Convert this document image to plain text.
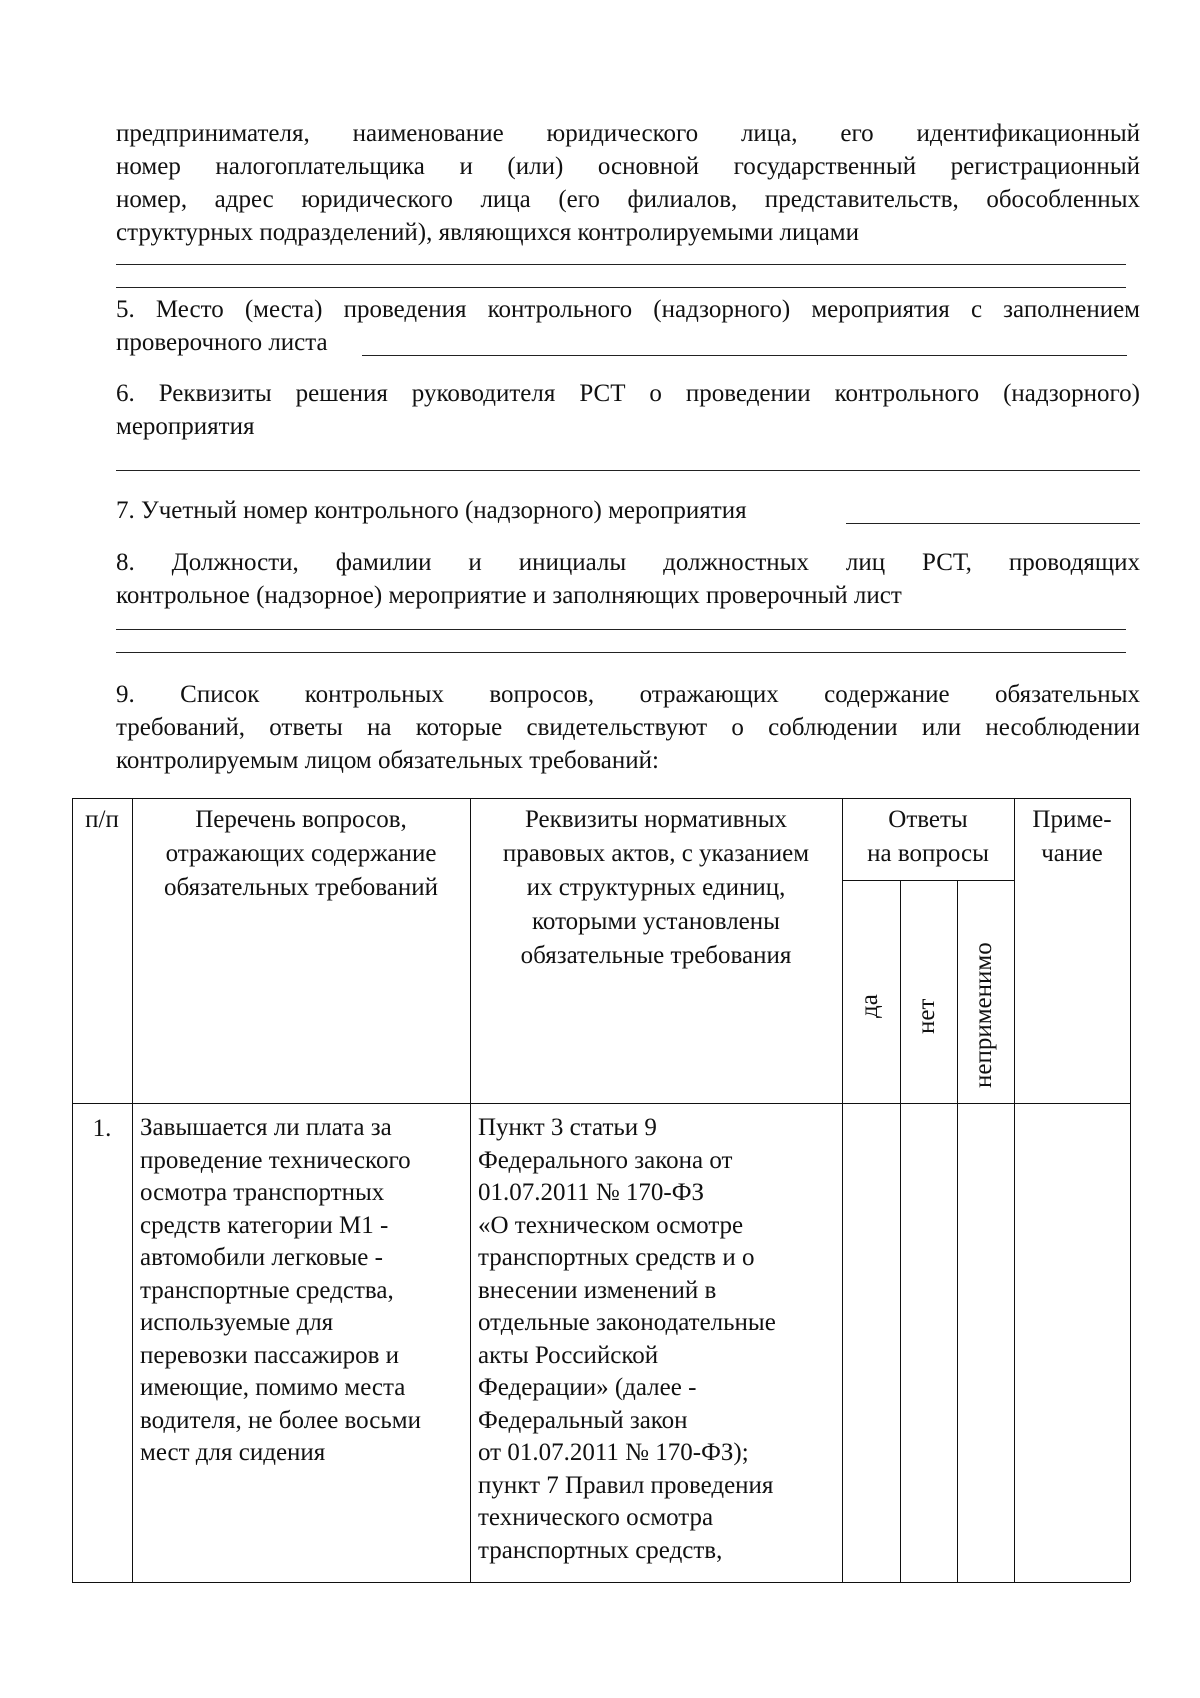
предпринимателя, наименование юридического лица, его идентификационный
номер налогоплательщика и (или) основной государственный регистрационный
номер, адрес юридического лица (его филиалов, представительств, обособленных
структурных подразделений), являющихся контролируемыми лицами
5. Место (места) проведения контрольного (надзорного) мероприятия с заполнением
проверочного листа
6. Реквизиты решения руководителя РСТ о проведении контрольного (надзорного)
мероприятия
7. Учетный номер контрольного (надзорного) мероприятия
8. Должности, фамилии и инициалы должностных лиц РСТ, проводящих
контрольное (надзорное) мероприятие и заполняющих проверочный лист
9. Список контрольных вопросов, отражающих содержание обязательных
требований, ответы на которые свидетельствуют о соблюдении или несоблюдении
контролируемым лицом обязательных требований:
п/п	Перечень вопросов,
отражающих содержание
обязательных требований
Реквизиты нормативных
правовых актов, с указанием
их структурных единиц,
которыми установлены
обязательные требования
Ответы
на вопросы
да нет неприменимо
Приме-
чание
1.	Завышается ли плата за
проведение технического
осмотра транспортных
средств категории М1 -
автомобили легковые -
транспортные средства,
используемые для
перевозки пассажиров и
имеющие, помимо места
водителя, не более восьми
мест для сидения
Пункт 3 статьи 9
Федерального закона от
01.07.2011 № 170-ФЗ
«О техническом осмотре
транспортных средств и о
внесении изменений в
отдельные законодательные
акты Российской
Федерации» (далее -
Федеральный закон
от 01.07.2011 № 170-ФЗ);
пункт 7 Правил проведения
технического осмотра
транспортных средств,
